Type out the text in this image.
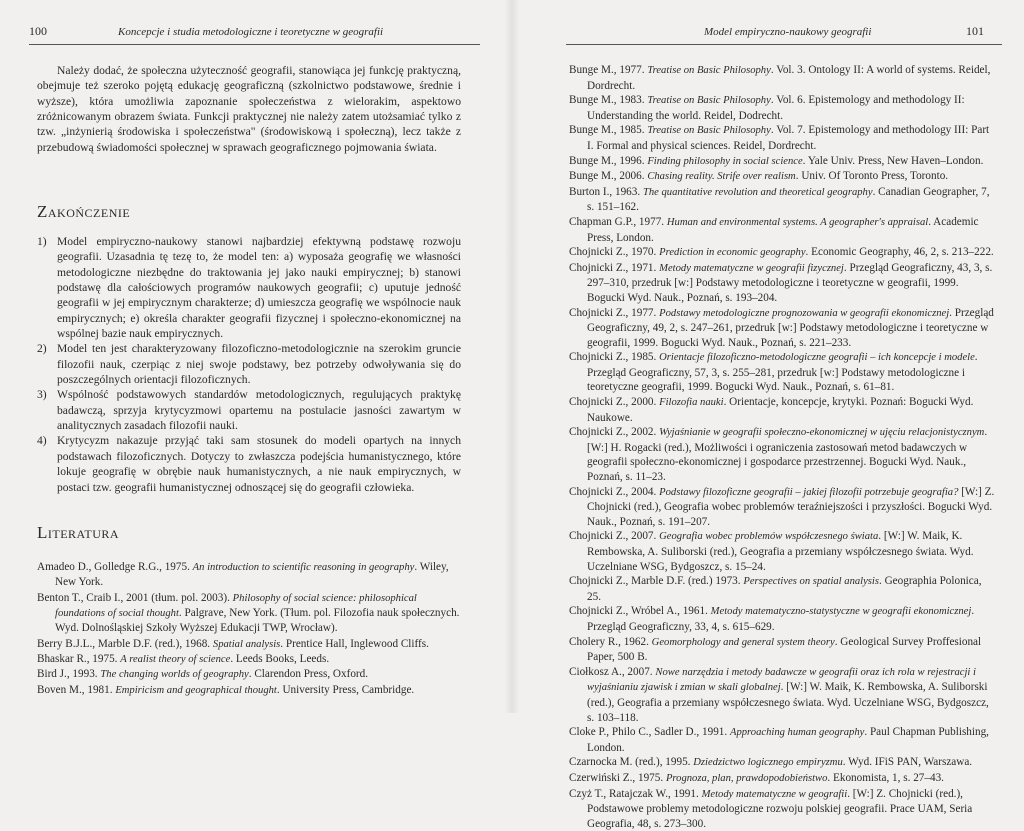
100	Koncepcje i studia metodologiczne i teoretyczne w geografii

Należy dodać, że społeczna użyteczność geografii, stanowiąca jej funkcję praktyczną, obejmuje też szeroko pojętą edukację geograficzną (szkolnictwo podstawowe, średnie i wyższe), która umożliwia zapoznanie społeczeństwa z wielorakim, aspektowo zróżnicowanym obrazem świata. Funkcji praktycznej nie należy zatem utożsamiać tylko z tzw. „inżynierią środowiska i społeczeństwa" (środowiskową i społeczną), lecz także z przebudową świadomości społecznej w sprawach geograficznego pojmowania świata.

Zakończenie
1) Model empiryczno-naukowy stanowi najbardziej efektywną podstawę rozwoju geografii. Uzasadnia tę tezę to, że model ten: a) wyposaża geografię we własności metodologiczne niezbędne do traktowania jej jako nauki empirycznej; b) stanowi podstawę dla całościowych programów naukowych geografii; c) uputuje jedność geografii w jej empirycznym charakterze; d) umieszcza geografię we wspólnocie nauk empirycznych; e) określa charakter geografii fizycznej i społeczno-ekonomicznej na wspólnej bazie nauk empirycznych.
2) Model ten jest charakteryzowany filozoficzno-metodologicznie na szerokim gruncie filozofii nauk, czerpiąc z niej swoje podstawy, bez potrzeby odwoływania się do poszczególnych orientacji filozoficznych.
3) Wspólność podstawowych standardów metodologicznych, regulujących praktykę badawczą, sprzyja krytycyzmowi opartemu na postulacie jasności zawartym w analitycznych zasadach filozofii nauki.
4) Krytycyzm nakazuje przyjąć taki sam stosunek do modeli opartych na innych podstawach filozoficznych. Dotyczy to zwłaszcza podejścia humanistycznego, które lokuje geografię w obrębie nauk humanistycznych, a nie nauk empirycznych, w postaci tzw. geografii humanistycznej odnoszącej się do geografii człowieka.
Literatura
Amadeo D., Golledge R.G., 1975. An introduction to scientific reasoning in geography. Wiley, New York.
Benton T., Craib I., 2001 (tłum. pol. 2003). Philosophy of social science: philosophical foundations of social thought. Palgrave, New York. (Tłum. pol. Filozofia nauk społecznych. Wyd. Dolnośląskiej Szkoły Wyższej Edukacji TWP, Wrocław).
Berry B.J.L., Marble D.F. (red.), 1968. Spatial analysis. Prentice Hall, Inglewood Cliffs.
Bhaskar R., 1975. A realist theory of science. Leeds Books, Leeds.
Bird J., 1993. The changing worlds of geography. Clarendon Press, Oxford.
Boven M., 1981. Empiricism and geographical thought. University Press, Cambridge.
Model empiryczno-naukowy geografii	101
Bunge M., 1977. Treatise on Basic Philosophy. Vol. 3. Ontology II: A world of systems. Reidel, Dordrecht.
Bunge M., 1983. Treatise on Basic Philosophy. Vol. 6. Epistemology and methodology II: Understanding the world. Reidel, Dodrecht.
Bunge M., 1985. Treatise on Basic Philosophy. Vol. 7. Epistemology and methodology III: Part I. Formal and physical sciences. Reidel, Dordrecht.
Bunge M., 1996. Finding philosophy in social science. Yale Univ. Press, New Haven–London.
Bunge M., 2006. Chasing reality. Strife over realism. Univ. Of Toronto Press, Toronto.
Burton I., 1963. The quantitative revolution and theoretical geography. Canadian Geographer, 7, s. 151–162.
Chapman G.P., 1977. Human and environmental systems. A geographer's appraisal. Academic Press, London.
Chojnicki Z., 1970. Prediction in economic geography. Economic Geography, 46, 2, s. 213–222.
Chojnicki Z., 1971. Metody matematyczne w geografii fizycznej. Przegląd Geograficzny, 43, 3, s. 297–310, przedruk [w:] Podstawy metodologiczne i teoretyczne w geografii, 1999. Bogucki Wyd. Nauk., Poznań, s. 193–204.
Chojnicki Z., 1977. Podstawy metodologiczne prognozowania w geografii ekonomicznej. Przegląd Geograficzny, 49, 2, s. 247–261, przedruk [w:] Podstawy metodologiczne i teoretyczne w geografii, 1999. Bogucki Wyd. Nauk., Poznań, s. 221–233.
Chojnicki Z., 1985. Orientacje filozoficzno-metodologiczne geografii – ich koncepcje i modele. Przegląd Geograficzny, 57, 3, s. 255–281, przedruk [w:] Podstawy metodologiczne i teoretyczne geografii, 1999. Bogucki Wyd. Nauk., Poznań, s. 61–81.
Chojnicki Z., 2000. Filozofia nauki. Orientacje, koncepcje, krytyki. Poznań: Bogucki Wyd. Naukowe.
Chojnicki Z., 2002. Wyjaśnianie w geografii społeczno-ekonomicznej w ujęciu relacjonistycznym. [W:] H. Rogacki (red.), Możliwości i ograniczenia zastosowań metod badawczych w geografii społeczno-ekonomicznej i gospodarce przestrzennej. Bogucki Wyd. Nauk., Poznań, s. 11–23.
Chojnicki Z., 2004. Podstawy filozoficzne geografii – jakiej filozofii potrzebuje geografia? [W:] Z. Chojnicki (red.), Geografia wobec problemów teraźniejszości i przyszłości. Bogucki Wyd. Nauk., Poznań, s. 191–207.
Chojnicki Z., 2007. Geografia wobec problemów współczesnego świata. [W:] W. Maik, K. Rembowska, A. Suliborski (red.), Geografia a przemiany współczesnego świata. Wyd. Uczelniane WSG, Bydgoszcz, s. 15–24.
Chojnicki Z., Marble D.F. (red.) 1973. Perspectives on spatial analysis. Geographia Polonica, 25.
Chojnicki Z., Wróbel A., 1961. Metody matematyczno-statystyczne w geografii ekonomicznej. Przegląd Geograficzny, 33, 4, s. 615–629.
Cholery R., 1962. Geomorphology and general system theory. Geological Survey Proffesional Paper, 500 B.
Ciołkosz A., 2007. Nowe narzędzia i metody badawcze w geografii oraz ich rola w rejestracji i wyjaśnianiu zjawisk i zmian w skali globalnej. [W:] W. Maik, K. Rembowska, A. Suliborski (red.), Geografia a przemiany współczesnego świata. Wyd. Uczelniane WSG, Bydgoszcz, s. 103–118.
Cloke P., Philo C., Sadler D., 1991. Approaching human geography. Paul Chapman Publishing, London.
Czarnocka M. (red.), 1995. Dziedzictwo logicznego empiryzmu. Wyd. IFiS PAN, Warszawa.
Czerwiński Z., 1975. Prognoza, plan, prawdopodobieństwo. Ekonomista, 1, s. 27–43.
Czyż T., Ratajczak W., 1991. Metody matematyczne w geografii. [W:] Z. Chojnicki (red.), Podstawowe problemy metodologiczne rozwoju polskiej geografii. Prace UAM, Seria Geografia, 48, s. 273–300.
